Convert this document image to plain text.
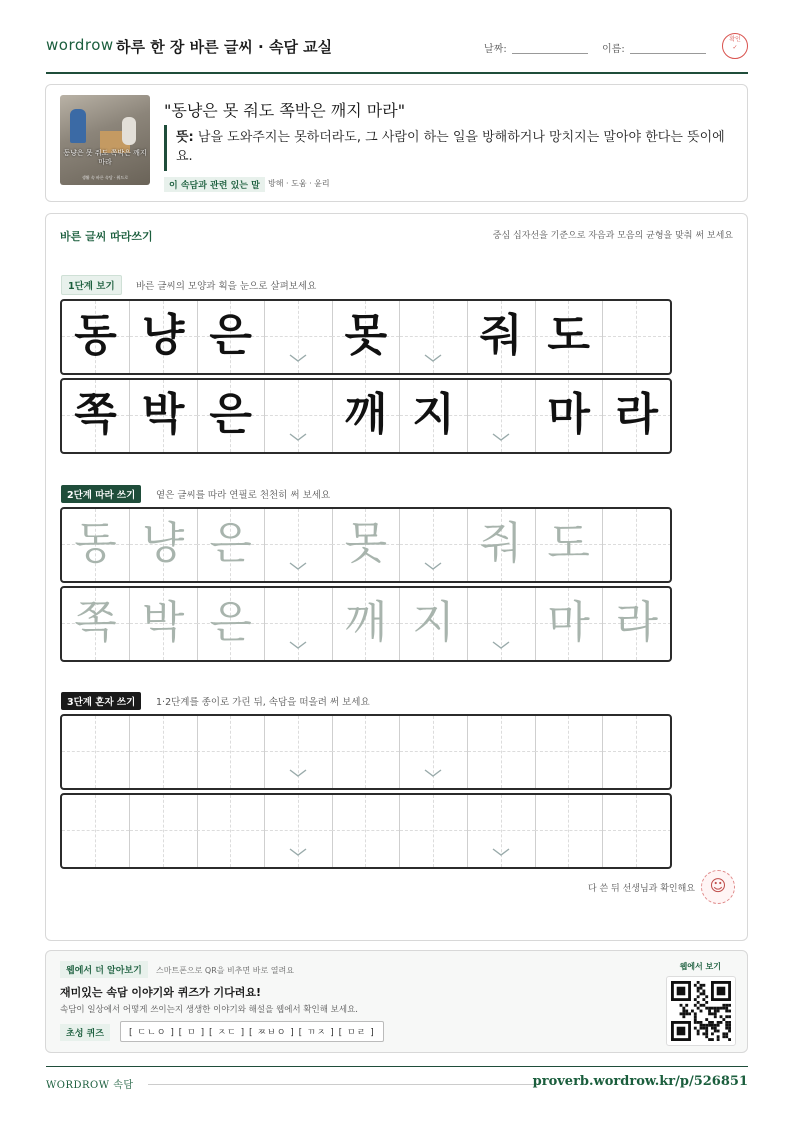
wordrow 하루 한 장 바른 글씨 · 속담 교실	날짜:	이름:
확인
✓
동냥은 못 줘도 쪽박은 깨지 마라
생활 속 바른 속담 · 워드로
"동냥은 못 줘도 쪽박은 깨지 마라"
뜻: 남을 도와주지는 못하더라도, 그 사람이 하는 일을 방해하거나 망치지는 말아야 한다는 뜻이에요.
이 속담과 관련 있는 말	방해 · 도움 · 윤리
바른 글씨 따라쓰기	중심 십자선을 기준으로 자음과 모음의 균형을 맞춰 써 보세요
1단계 보기	바른 글씨의 모양과 획을 눈으로 살펴보세요
2단계 따라 쓰기	옅은 글씨를 따라 연필로 천천히 써 보세요
3단계 혼자 쓰기	1·2단계를 종이로 가린 뒤, 속담을 떠올려 써 보세요
다 쓴 뒤 선생님과 확인해요 ☺
동 냥 은 못 줘 도
쪽 박 은 깨 지 마 라
동 냥 은 못 줘 도
쪽 박 은 깨 지 마 라
웹에서 더 알아보기	스마트폰으로 QR을 비추면 바로 열려요
재미있는 속담 이야기와 퀴즈가 기다려요!
속담이 일상에서 어떻게 쓰이는지 생생한 이야기와 해설을 웹에서 확인해 보세요.
초성 퀴즈	[ ㄷㄴㅇ ] [ ㅁ ] [ ㅈㄷ ] [ ㅉㅂㅇ ] [ ㄲㅈ ] [ ㅁㄹ ]
웹에서 보기
WORDROW 속담	proverb.wordrow.kr/p/526851
